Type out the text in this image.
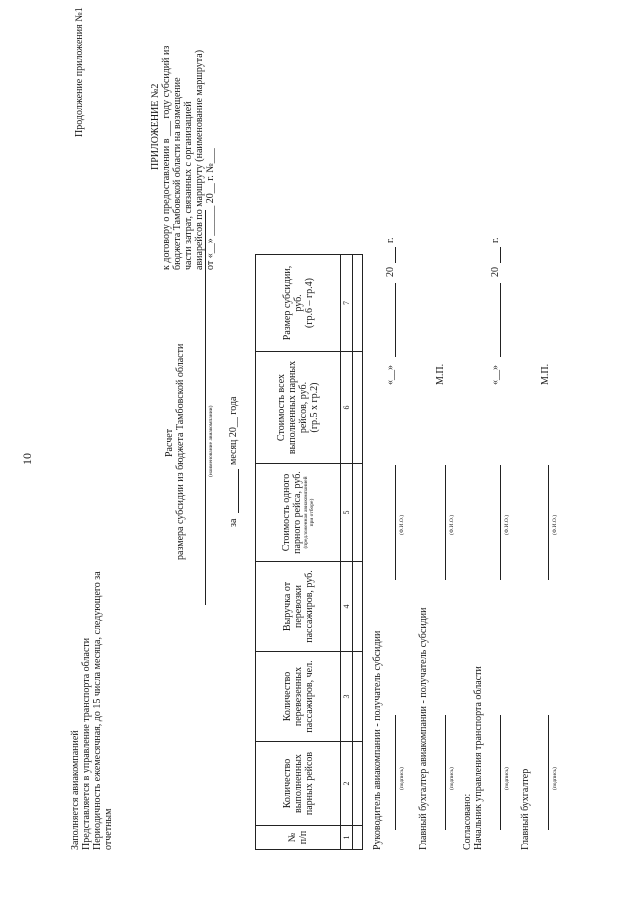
10
Продолжение приложения №1
Заполняется авиакомпанией Представляется в управление транспорта области Периодичность ежемесячная, до 15 числа месяца, следующего за отчетным
ПРИЛОЖЕНИЕ №2 к договору о предоставлении в ___ году субсидий из бюджета Тамбовской области на возмещение части затрат, связанных с организацией авиарейсов по маршруту (наименование маршрута) от «__» ______ 20__ г. №___
Расчет размера субсидии из бюджета Тамбовской области	(наименование авиакомпании)
за
месяц 20__ года
№
п/п	Количество
выполненных
парных рейсов	Количество
перевезенных
пассажиров, чел.	Выручка от
перевозки
пассажиров, руб.	Стоимость одного
парного рейса, руб.
(предложенная авиакомпанией
при отборе)	Стоимость всех
выполненных парных
рейсов, руб.
(гр.5 х гр.2)	Размер субсидии,
руб.
(гр.6 – гр.4)
1	2	3	4	5	6	7

Руководитель авиакомпании - получатель субсидии	(подпись)
(Ф.И.О.)
Главный бухгалтер авиакомпании - получатель субсидии	(подпись)
(Ф.И.О.)
Согласовано: Начальник управления транспорта области	(подпись)
(Ф.И.О.)
Главный бухгалтер	(подпись)
(Ф.И.О.)
«__»
20
г.
М.П.	«__»
20
г.
М.П.
